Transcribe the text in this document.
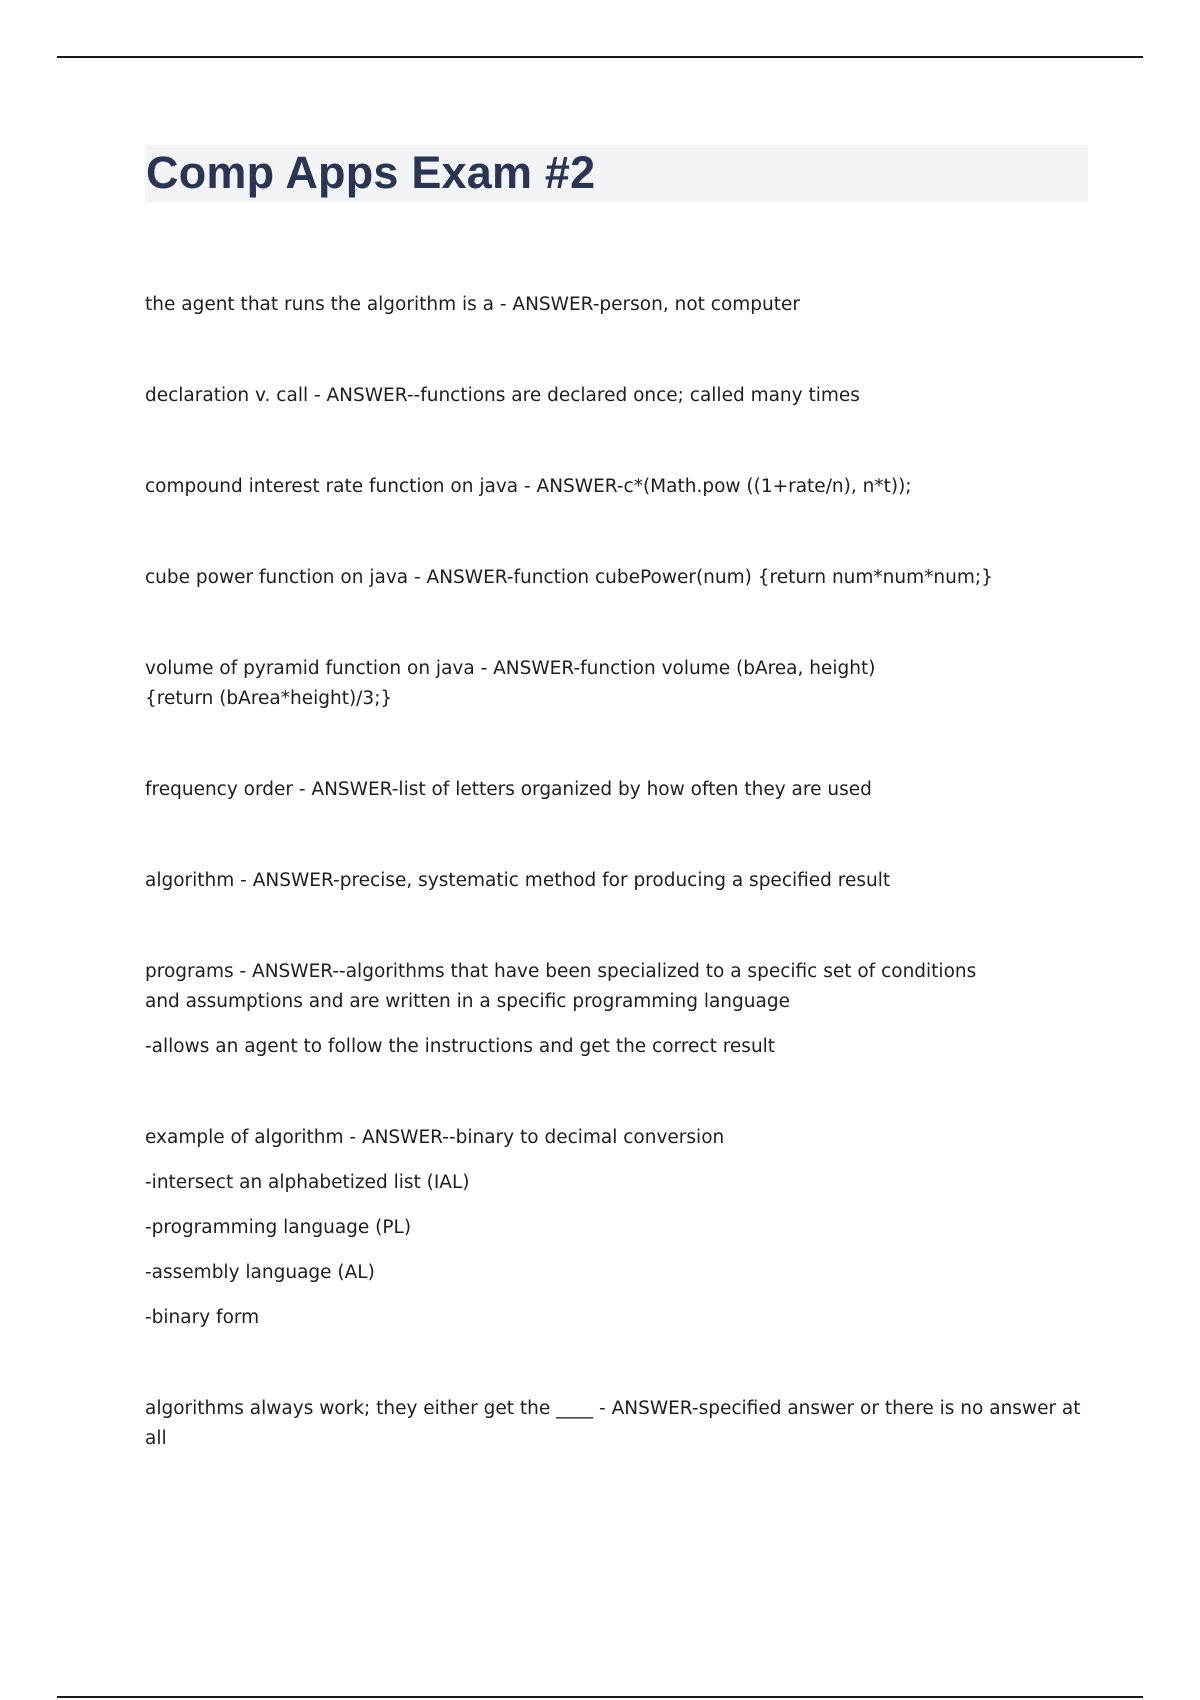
Comp Apps Exam #2

the agent that runs the algorithm is a - ANSWER-person, not computer

declaration v. call - ANSWER--functions are declared once; called many times

compound interest rate function on java - ANSWER-c*(Math.pow ((1+rate/n), n*t));

cube power function on java - ANSWER-function cubePower(num) {return num*num*num;}

volume of pyramid function on java - ANSWER-function volume (bArea, height) {return (bArea*height)/3;}

frequency order - ANSWER-list of letters organized by how often they are used

algorithm - ANSWER-precise, systematic method for producing a specified result

programs - ANSWER--algorithms that have been specialized to a specific set of conditions and assumptions and are written in a specific programming language

-allows an agent to follow the instructions and get the correct result

example of algorithm - ANSWER--binary to decimal conversion

-intersect an alphabetized list (IAL)

-programming language (PL)

-assembly language (AL)

-binary form

algorithms always work; they either get the ____ - ANSWER-specified answer or there is no answer at all
